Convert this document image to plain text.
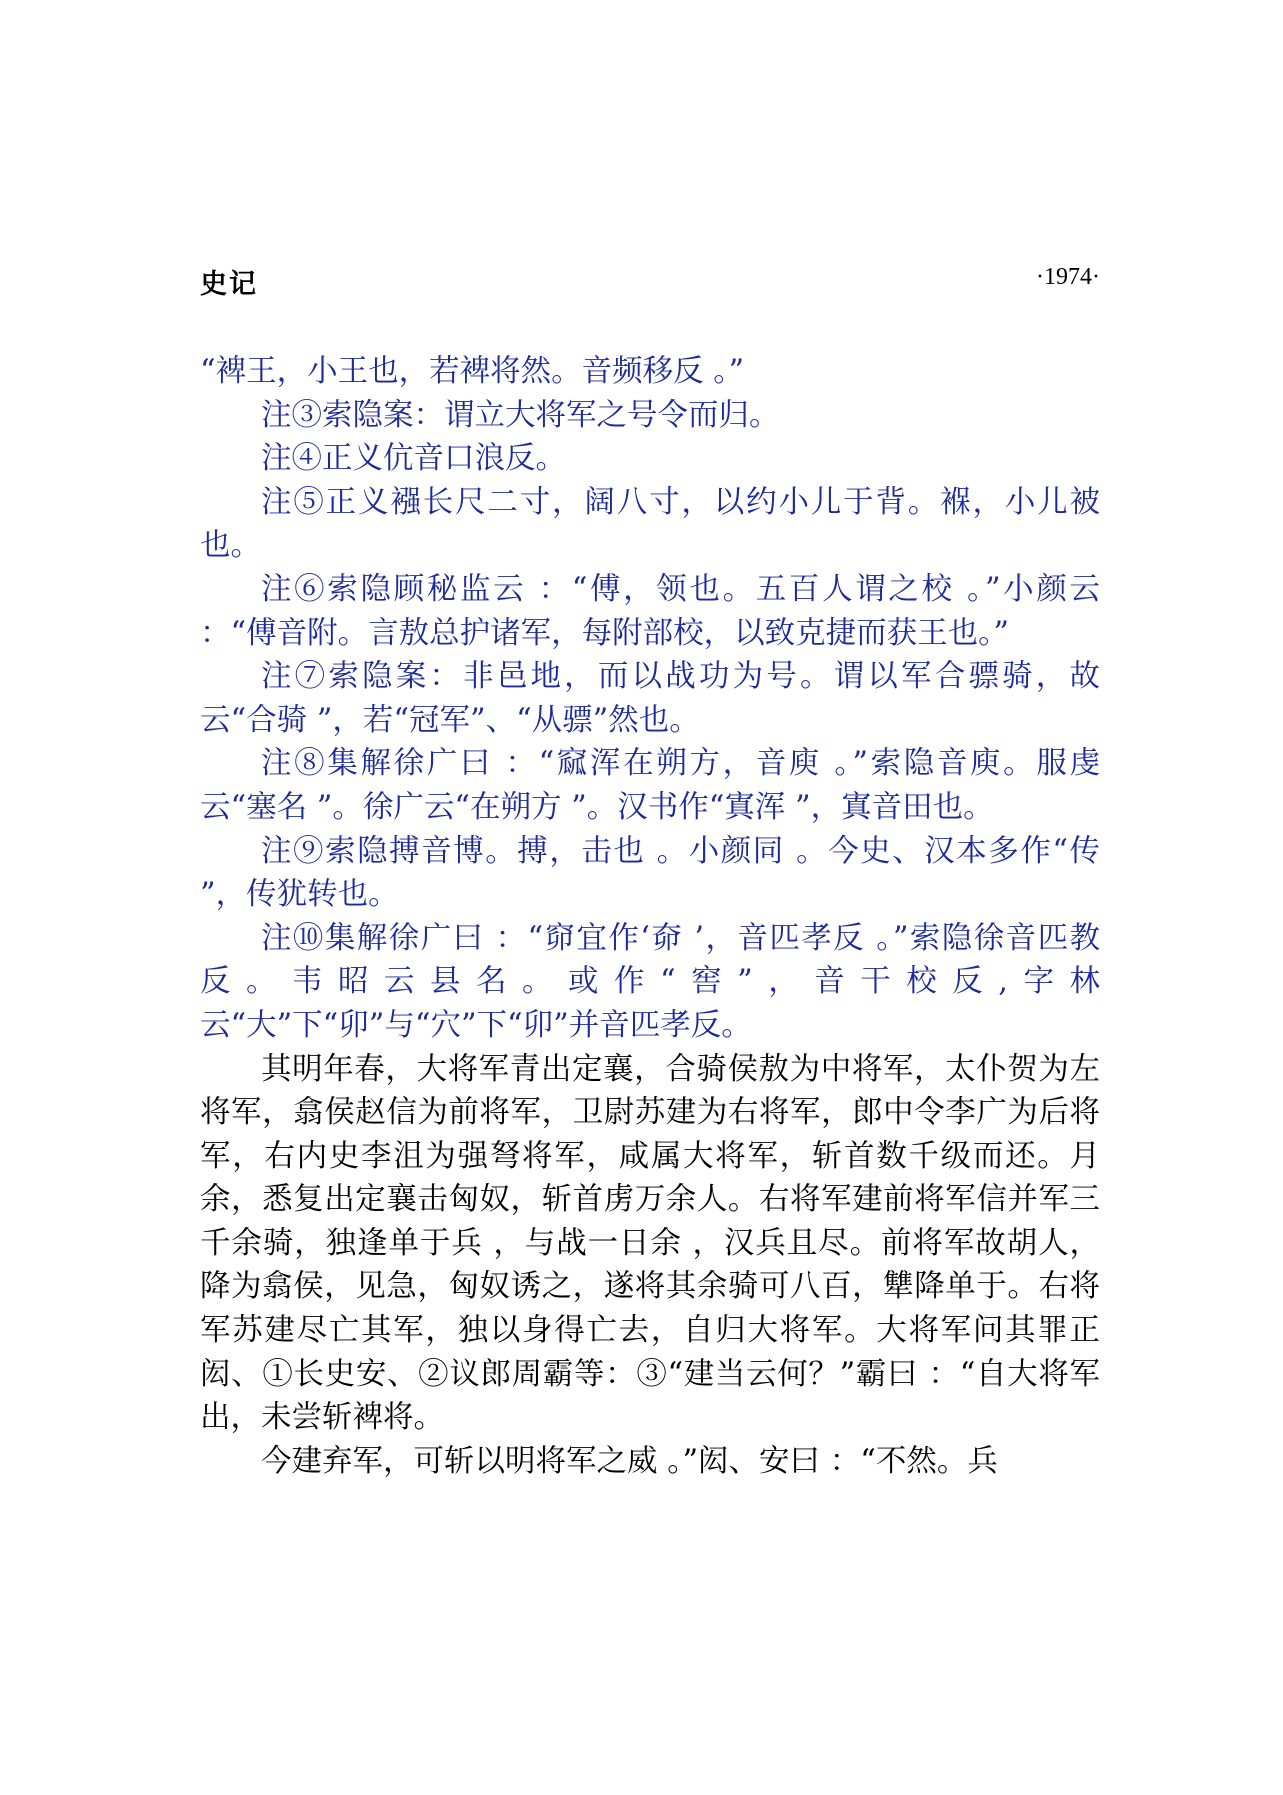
史记	·1974·

“裨王，小王也，若裨将然。音频移反 。”

注③索隐案：谓立大将军之号令而归。

注④正义伉音口浪反。

注⑤正义襁长尺二寸，阔八寸，以约小儿于背。褓，小儿被也。

注⑥索隐顾秘监云 ：“傅，领也。五百人谓之校 。”小颜云 ：“傅音附。言敖总护诸军，每附部校，以致克捷而获王也。”

注⑦索隐案：非邑地，而以战功为号。谓以军合骠骑，故云“合骑 ”，若“冠军”、“从骠”然也。

注⑧集解徐广曰 ：“窳浑在朔方，音庾 。”索隐音庾。服虔云“塞名 ”。徐广云“在朔方 ”。汉书作“寘浑 ”，寘音田也。

注⑨索隐搏音博。搏，击也 。小颜同 。今史、汉本多作“传 ”，传犹转也。

注⑩集解徐广曰 ：“窌宜作‘奅 ’，音匹孝反 。”索隐徐音匹教反。韦昭云县名。或作“窖”，音干校反,字林云“大”下“卯”与“穴”下“卯”并音匹孝反。

其明年春，大将军青出定襄，合骑侯敖为中将军，太仆贺为左将军，翕侯赵信为前将军，卫尉苏建为右将军，郎中令李广为后将军，右内史李沮为强弩将军，咸属大将军，斩首数千级而还。月余，悉复出定襄击匈奴，斩首虏万余人。右将军建前将军信并军三千余骑，独逢单于兵 ，与战一日余 ，汉兵且尽。前将军故胡人，降为翕侯，见急，匈奴诱之，遂将其余骑可八百，犨降单于。右将军苏建尽亡其军，独以身得亡去，自归大将军。大将军问其罪正闳、①长史安、②议郎周霸等：③“建当云何？”霸曰 ：“自大将军出，未尝斩裨将。

今建弃军，可斩以明将军之威 。”闳、安曰 ：“不然。兵
